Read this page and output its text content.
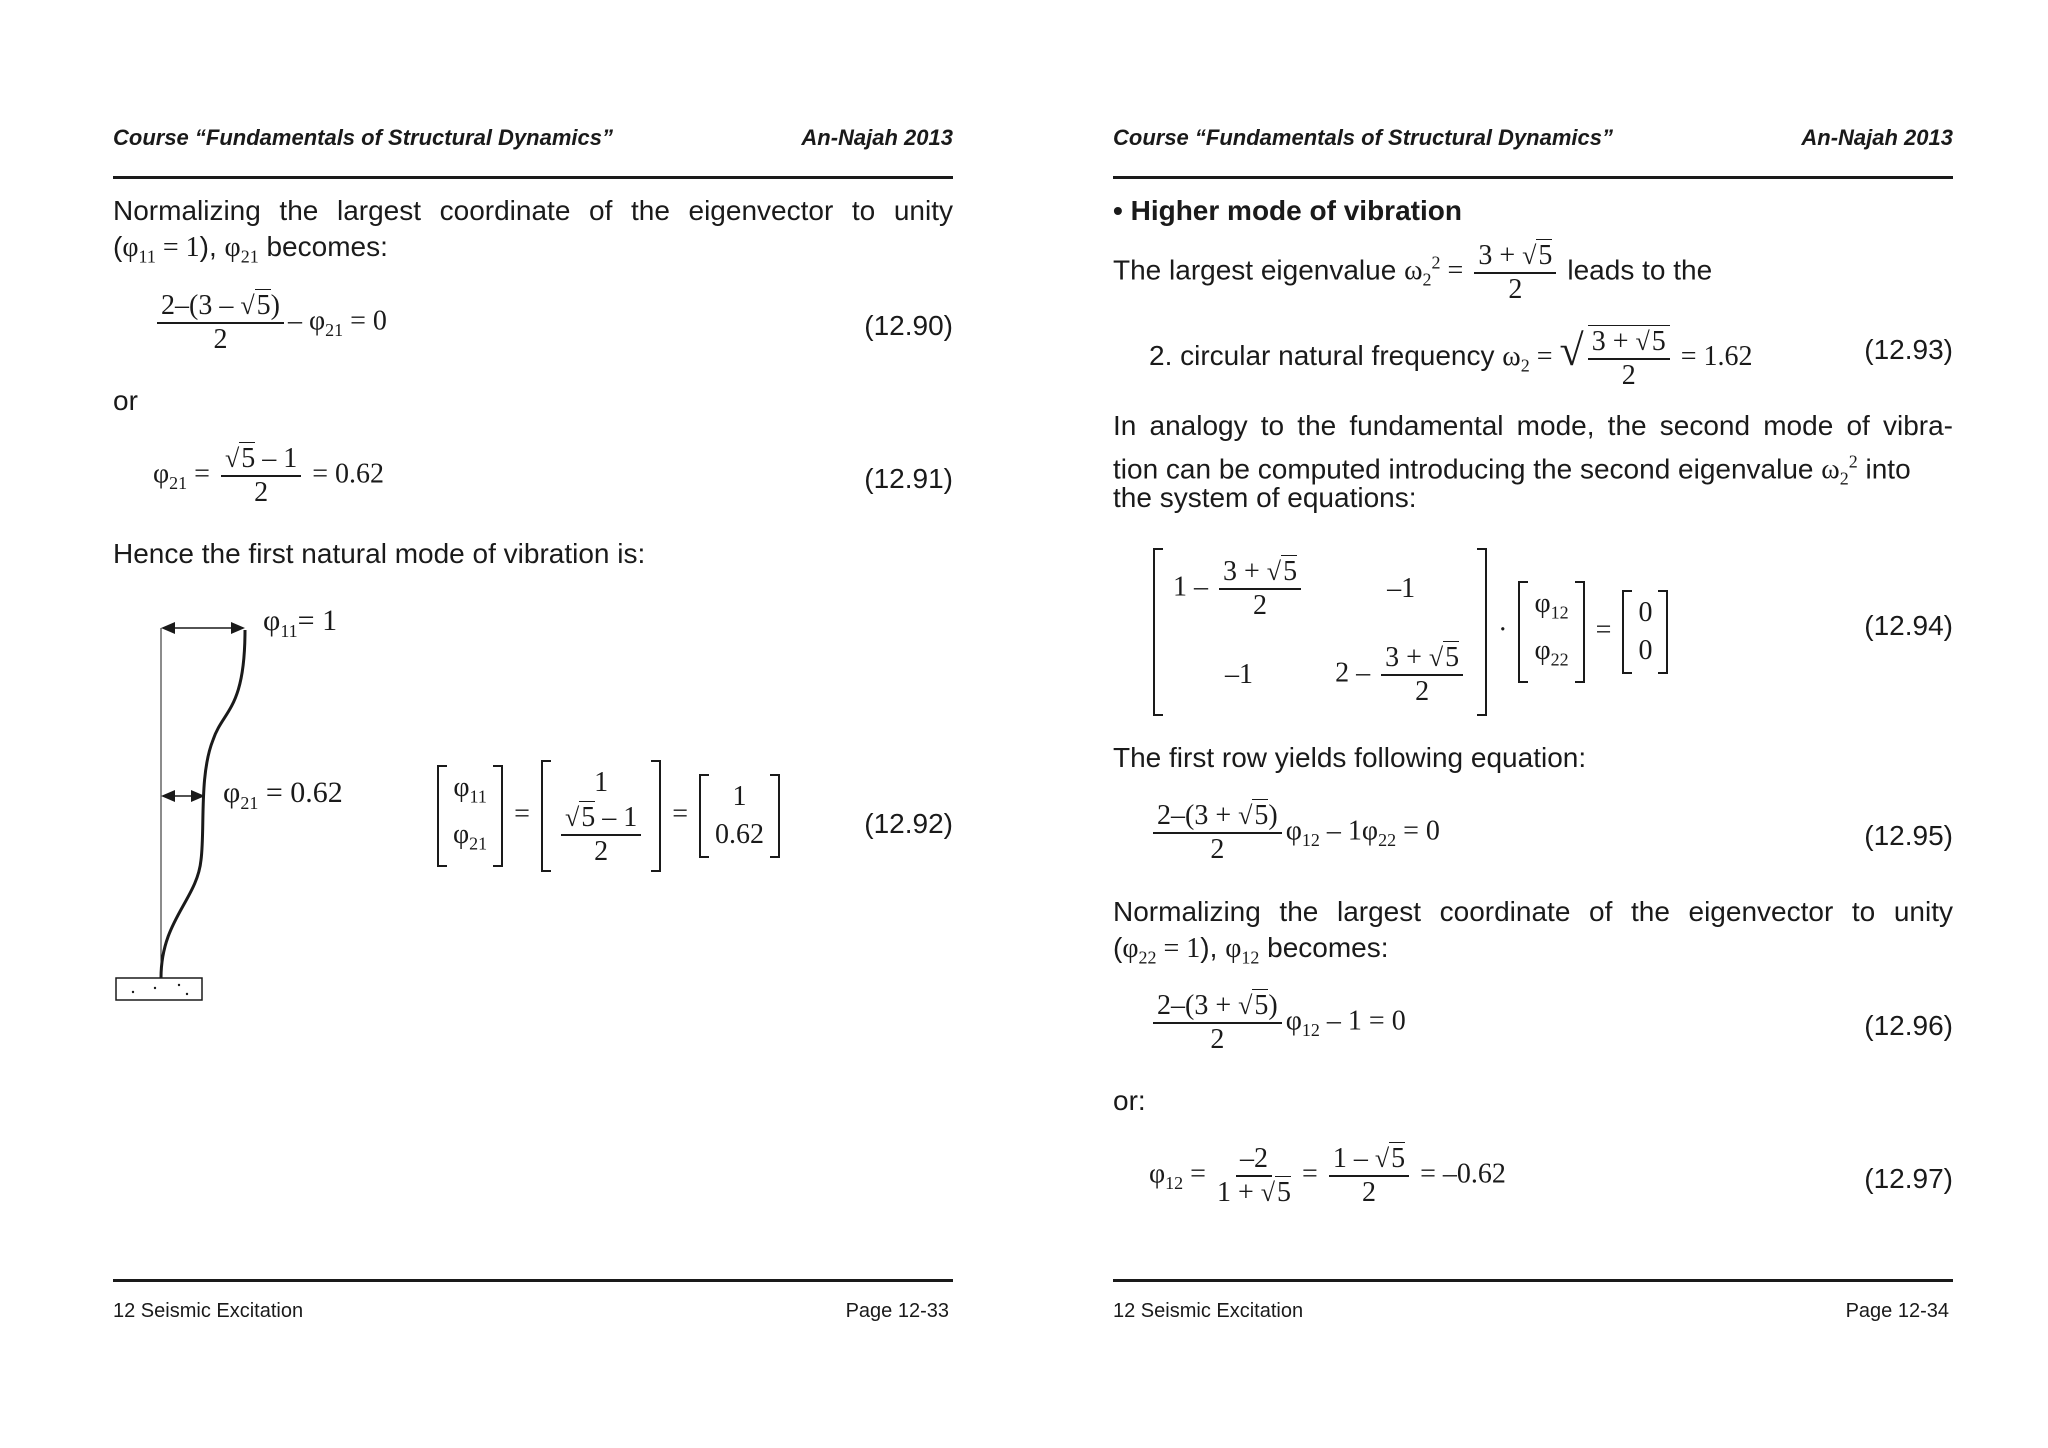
Course “Fundamentals of Structural Dynamics”	An-Najah 2013
Normalizing the largest coordinate of the eigenvector to unity
$(\varphi_{11} = 1)$, $\varphi_{21}$ becomes:
$\frac{2-(3 - √5)}{2} - \varphi_{21} = 0$	(12.90)
or
$\varphi_{21} = \frac{√5 - 1}{2} = 0.62$	(12.91)
Hence the first natural mode of vibration is:
$\varphi_{11}= 1$
$\varphi_{21} = 0.62$	$\varphi_{11}$
$\varphi_{21}$
=
1
$\frac{√5 - 1}{2}$ =
1
0.62	(12.92)
12 Seismic Excitation	Page 12-33
Course “Fundamentals of Structural Dynamics”	An-Najah 2013
• Higher mode of vibration
The largest eigenvalue $\omega_2^2 = \frac{3 + √5}{2}$ leads to the
2. circular natural frequency $\omega_2$ = √ $\frac{3 + √5}{2} = 1.62$	(12.93)
In analogy to the fundamental mode, the second mode of vibra-
tion can be computed introducing the second eigenvalue $\omega_2^2$ into
the system of equations:
$1 - \frac{3 + √5}{2}$	–1
–1	$2 - \frac{3 + √5}{2}$
·
$\varphi_{12}$
$\varphi_{22}$
=
0
0
(12.94)
The first row yields following equation:
$\frac{2-(3 + √5)}{2} \varphi_{12} - 1\varphi_{22} = 0$	(12.95)
Normalizing the largest coordinate of the eigenvector to unity
$(\varphi_{22} = 1)$, $\varphi_{12}$ becomes:
$\frac{2-(3 + √5)}{2} \varphi_{12} - 1 = 0$	(12.96)
or:
$\varphi_{12} = \frac{-2}{1 + √5} = \frac{1 - √5}{2} = -0.62$	(12.97)
12 Seismic Excitation	Page 12-34
